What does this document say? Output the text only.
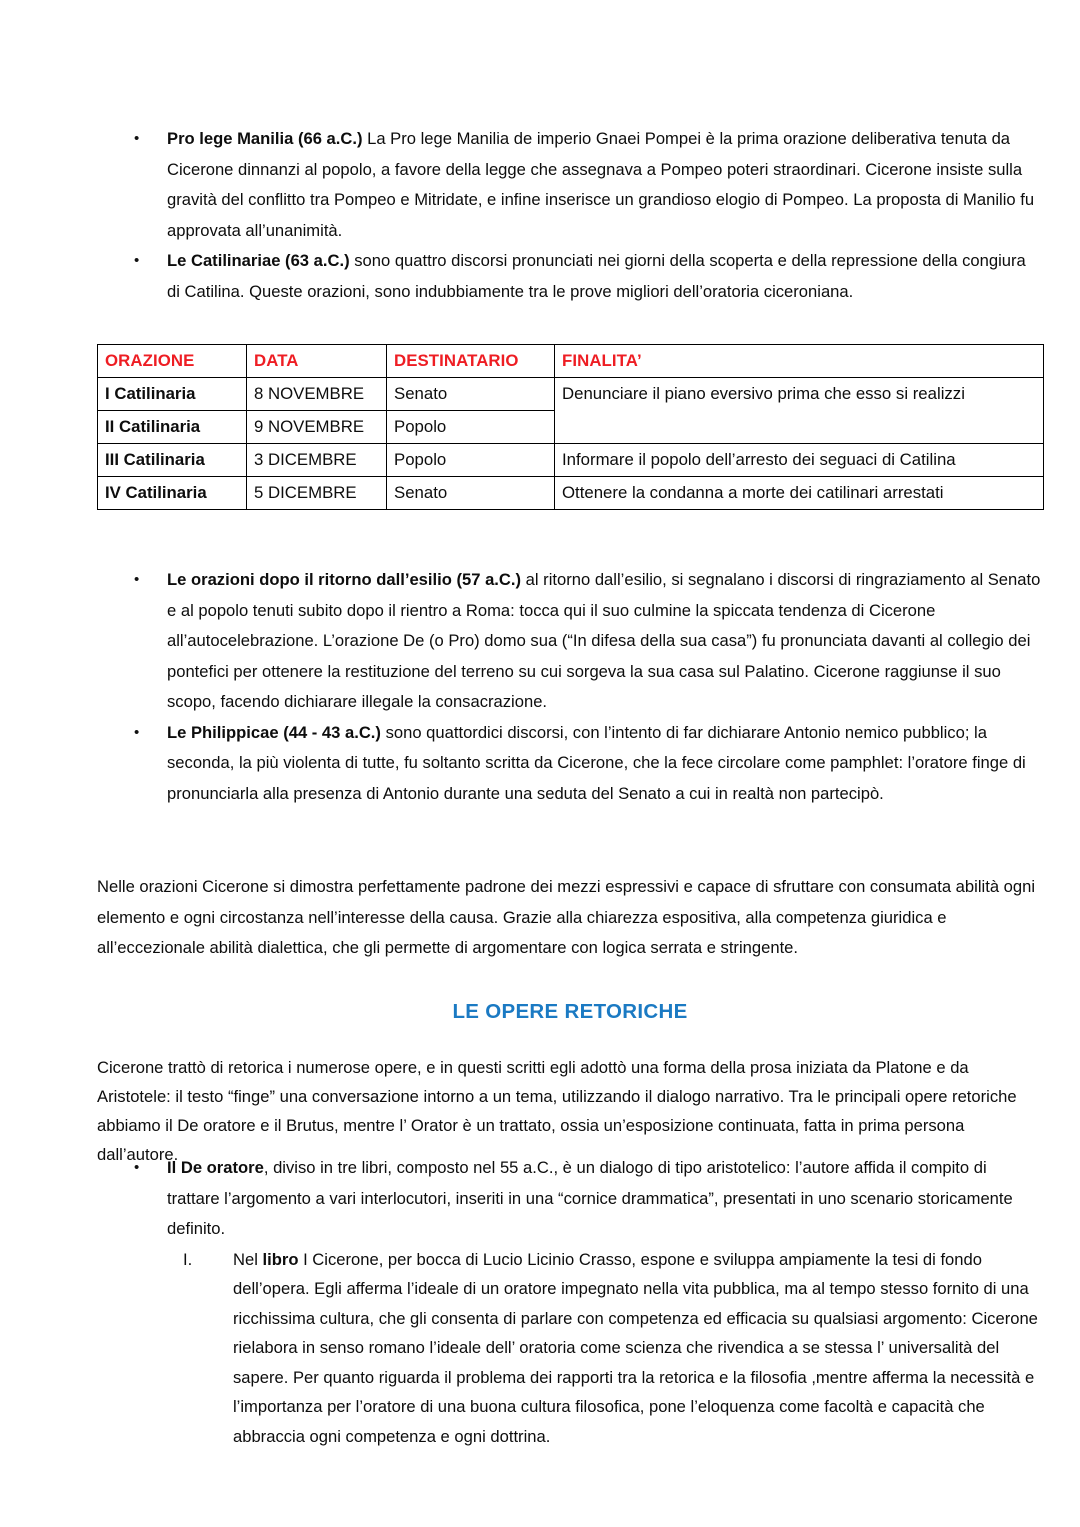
•
Pro lege Manilia (66 a.C.) La Pro lege Manilia de imperio Gnaei Pompei è la prima orazione deliberativa tenuta da Cicerone dinnanzi al popolo, a favore della legge che assegnava a Pompeo poteri straordinari. Cicerone insiste sulla gravità del conflitto tra Pompeo e Mitridate, e infine inserisce un grandioso elogio di Pompeo. La proposta di Manilio fu approvata all’unanimità.
•
Le Catilinariae (63 a.C.) sono quattro discorsi pronunciati nei giorni della scoperta e della repressione della congiura di Catilina. Queste orazioni, sono indubbiamente tra le prove migliori dell’oratoria ciceroniana.
ORAZIONE	DATA	DESTINATARIO	FINALITA’
I Catilinaria	8 NOVEMBRE	Senato	Denunciare il piano eversivo prima che esso si realizzi
II Catilinaria	9 NOVEMBRE	Popolo	
III Catilinaria	3 DICEMBRE	Popolo	Informare il popolo dell’arresto dei seguaci di Catilina
IV Catilinaria	5 DICEMBRE	Senato	Ottenere la condanna a morte dei catilinari arrestati
•
Le orazioni dopo il ritorno dall’esilio (57 a.C.) al ritorno dall’esilio, si segnalano i discorsi di ringraziamento al Senato e al popolo tenuti subito dopo il rientro a Roma: tocca qui il suo culmine la spiccata tendenza di Cicerone all’autocelebrazione. L’orazione De (o Pro) domo sua (“In difesa della sua casa”) fu pronunciata davanti al collegio dei pontefici per ottenere la restituzione del terreno su cui sorgeva la sua casa sul Palatino. Cicerone raggiunse il suo scopo, facendo dichiarare illegale la consacrazione.
•
Le Philippicae (44 - 43 a.C.) sono quattordici discorsi, con l’intento di far dichiarare Antonio nemico pubblico; la seconda, la più violenta di tutte, fu soltanto scritta da Cicerone, che la fece circolare come pamphlet: l’oratore finge di pronunciarla alla presenza di Antonio durante una seduta del Senato a cui in realtà non partecipò.

Nelle orazioni Cicerone si dimostra perfettamente padrone dei mezzi espressivi e capace di sfruttare con consumata abilità ogni elemento e ogni circostanza nell’interesse della causa. Grazie alla chiarezza espositiva, alla competenza giuridica e all’eccezionale abilità dialettica, che gli permette di argomentare con logica serrata e stringente.

LE OPERE RETORICHE

Cicerone trattò di retorica i numerose opere, e in questi scritti egli adottò una forma della prosa iniziata da Platone e da Aristotele: il testo “finge” una conversazione intorno a un tema, utilizzando il dialogo narrativo. Tra le principali opere retoriche abbiamo il De oratore e il Brutus, mentre l’ Orator è un trattato, ossia un’esposizione continuata, fatta in prima persona dall’autore.

•
Il De oratore, diviso in tre libri, composto nel 55 a.C., è un dialogo di tipo aristotelico: l’autore affida il compito di trattare l’argomento a vari interlocutori, inseriti in una “cornice drammatica”, presentati in uno scenario storicamente definito.
I.	Nel libro I Cicerone, per bocca di Lucio Licinio Crasso, espone e sviluppa ampiamente la tesi di fondo dell’opera. Egli afferma l’ideale di un oratore impegnato nella vita pubblica, ma al tempo stesso fornito di una ricchissima cultura, che gli consenta di parlare con competenza ed efficacia su qualsiasi argomento: Cicerone rielabora in senso romano l’ideale dell’ oratoria come scienza che rivendica a se stessa l’ universalità del sapere. Per quanto riguarda il problema dei rapporti tra la retorica e la filosofia ,mentre afferma la necessità e l’importanza per l’oratore di una buona cultura filosofica, pone l’eloquenza come facoltà e capacità che abbraccia ogni competenza e ogni dottrina.
